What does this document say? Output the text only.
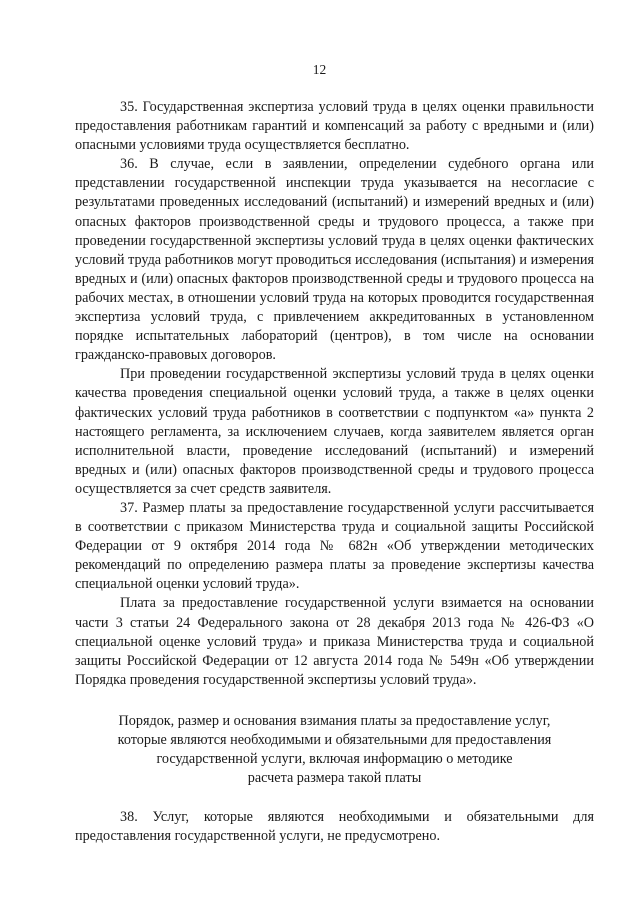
12

35. Государственная экспертиза условий труда в целях оценки правильности предоставления работникам гарантий и компенсаций за работу с вредными и (или) опасными условиями труда осуществляется бесплатно.

36. В случае, если в заявлении, определении судебного органа или представлении государственной инспекции труда указывается на несогласие с результатами проведенных исследований (испытаний) и измерений вредных и (или) опасных факторов производственной среды и трудового процесса, а также при проведении государственной экспертизы условий труда в целях оценки фактических условий труда работников могут проводиться исследования (испытания) и измерения вредных и (или) опасных факторов производственной среды и трудового процесса на рабочих местах, в отношении условий труда на которых проводится государственная экспертиза условий труда, с привлечением аккредитованных в установленном порядке испытательных лабораторий (центров), в том числе на основании гражданско-правовых договоров.

При проведении государственной экспертизы условий труда в целях оценки качества проведения специальной оценки условий труда, а также в целях оценки фактических условий труда работников в соответствии с подпунктом «а» пункта 2 настоящего регламента, за исключением случаев, когда заявителем является орган исполнительной власти, проведение исследований (испытаний) и измерений вредных и (или) опасных факторов производственной среды и трудового процесса осуществляется за счет средств заявителя.

37. Размер платы за предоставление государственной услуги рассчитывается в соответствии с приказом Министерства труда и социальной защиты Российской Федерации от 9 октября 2014 года № 682н «Об утверждении методических рекомендаций по определению размера платы за проведение экспертизы качества специальной оценки условий труда».

Плата за предоставление государственной услуги взимается на основании части 3 статьи 24 Федерального закона от 28 декабря 2013 года № 426-ФЗ «О специальной оценке условий труда» и приказа Министерства труда и социальной защиты Российской Федерации от 12 августа 2014 года № 549н «Об утверждении Порядка проведения государственной экспертизы условий труда».

Порядок, размер и основания взимания платы за предоставление услуг,
которые являются необходимыми и обязательными для предоставления
государственной услуги, включая информацию о методике
расчета размера такой платы

38. Услуг, которые являются необходимыми и обязательными для предоставления государственной услуги, не предусмотрено.
